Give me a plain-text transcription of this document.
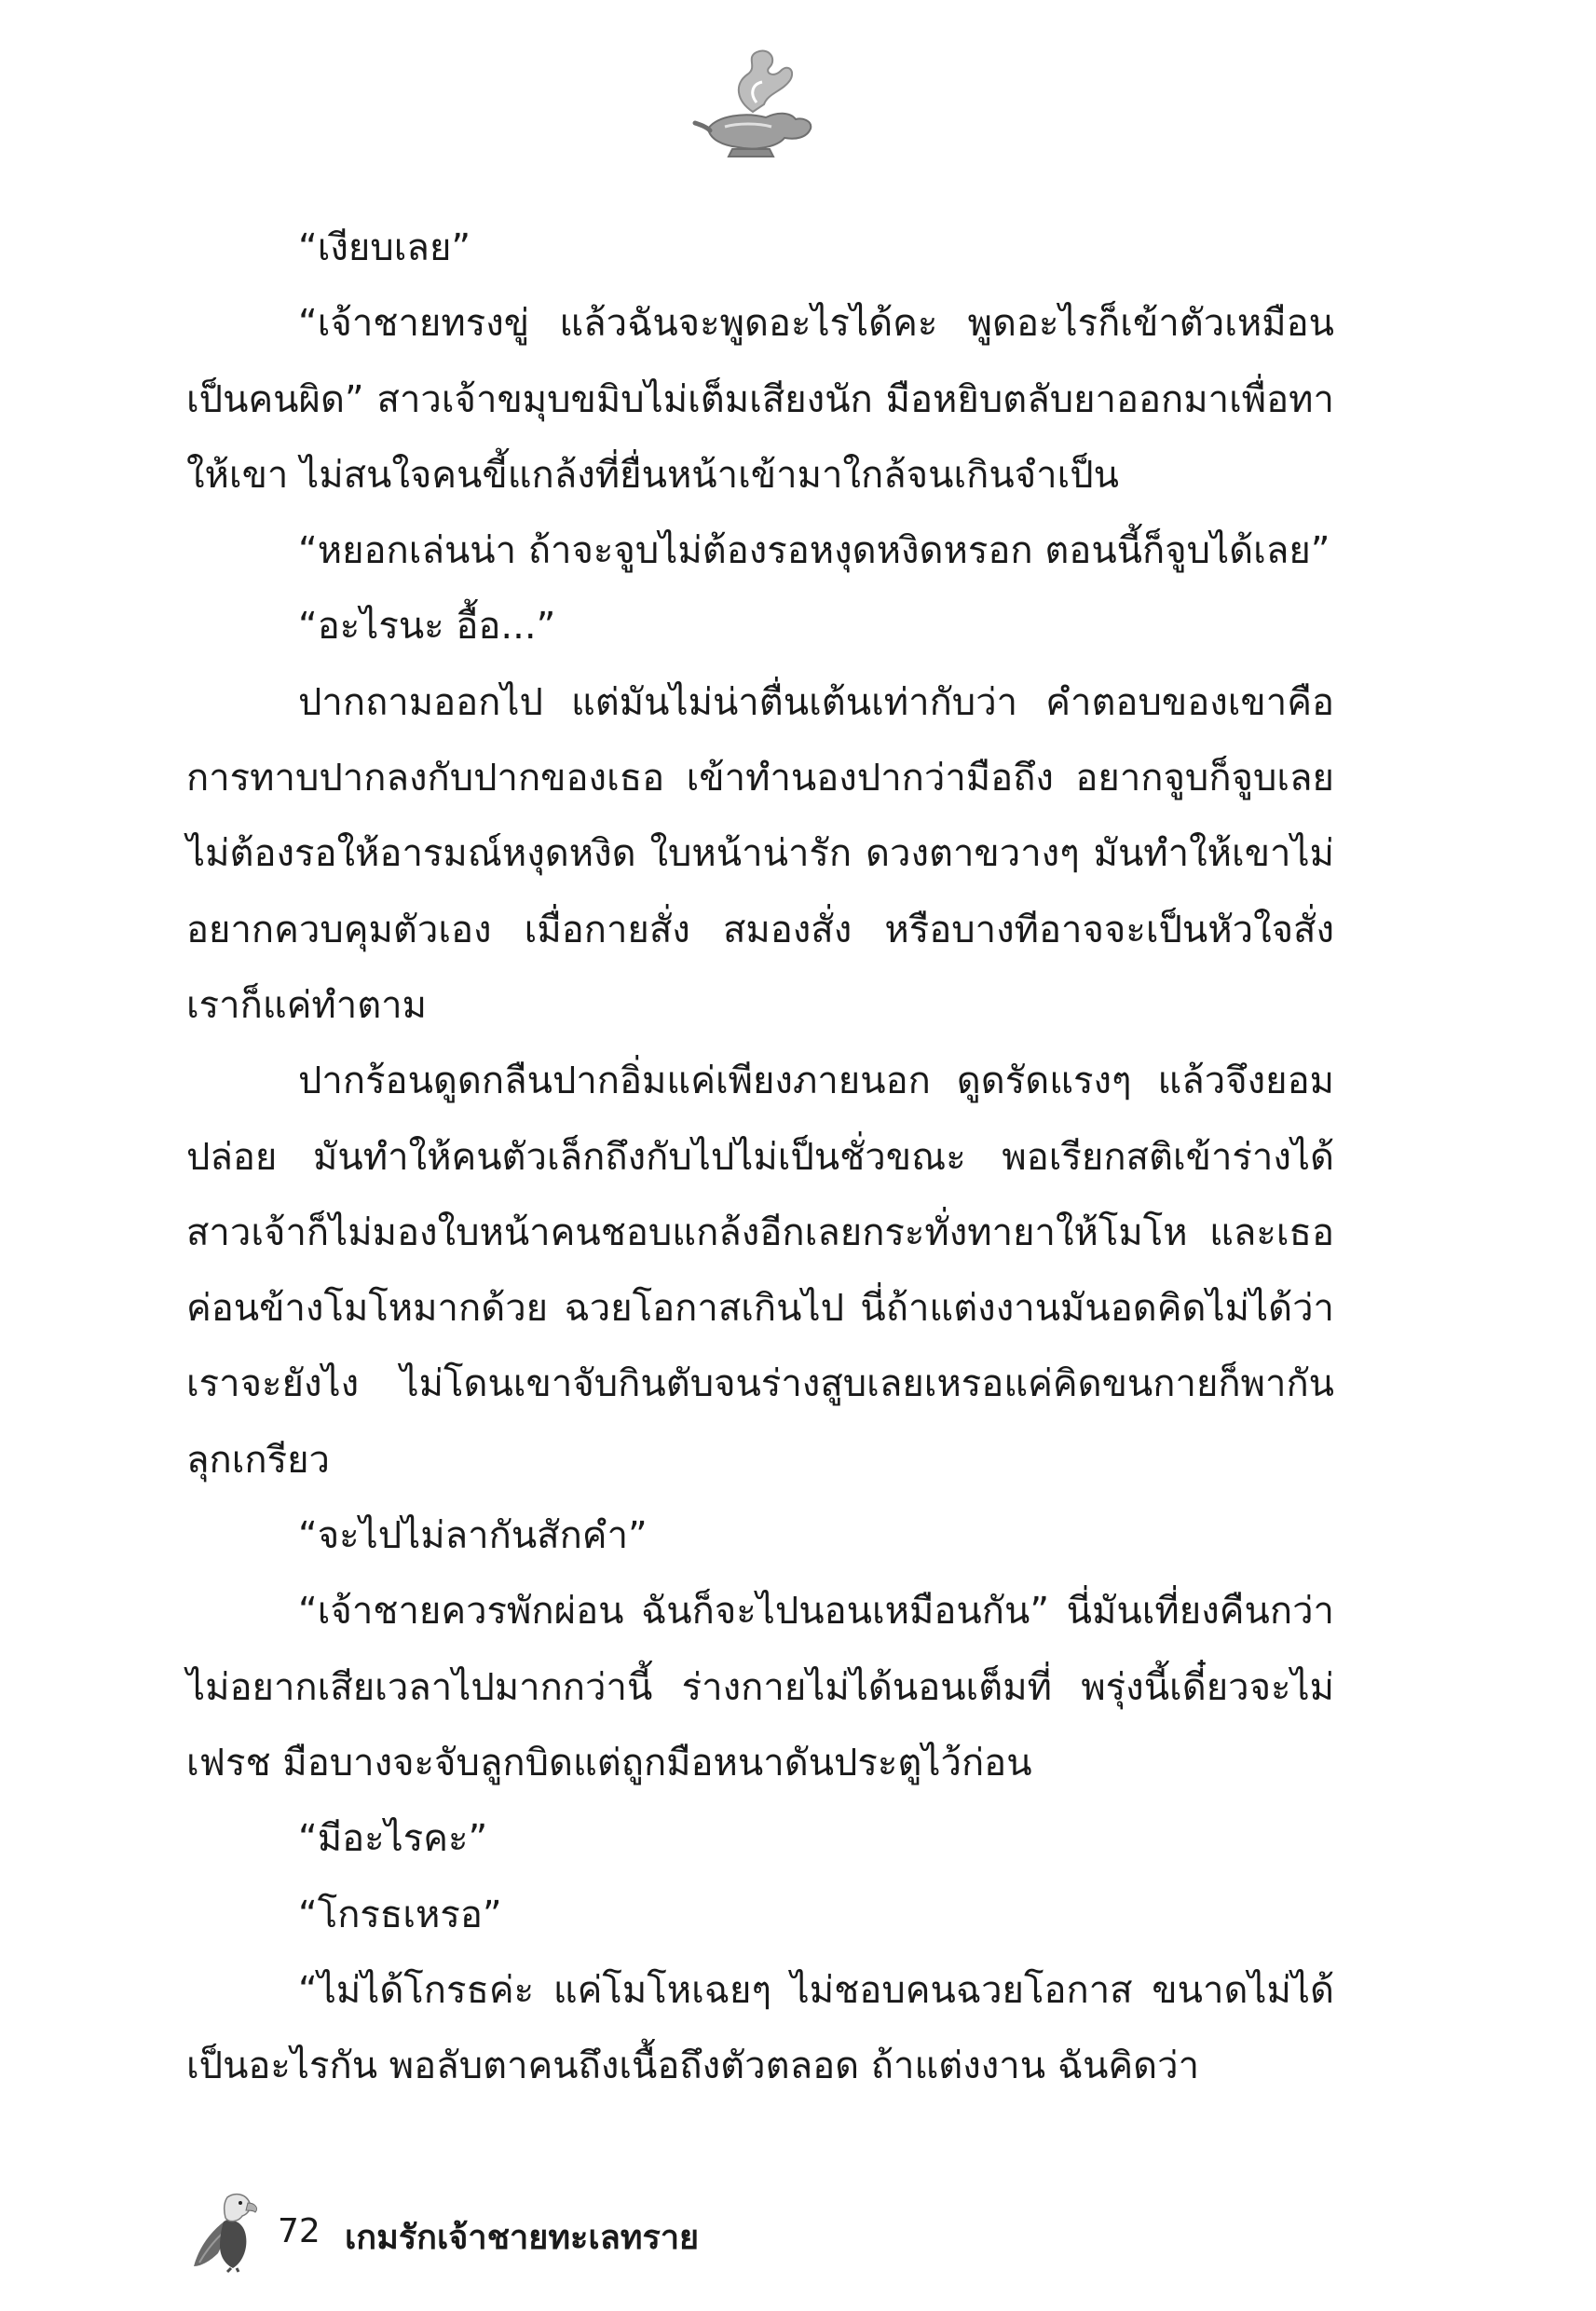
“เงียบเลย”

“เจ้าชายทรงขู่ แล้วฉันจะพูดอะไรได้คะ พูดอะไรก็เข้าตัวเหมือนเป็นคนผิด” สาวเจ้าขมุบขมิบไม่เต็มเสียงนัก มือหยิบตลับยาออกมาเพื่อทาให้เขา ไม่สนใจคนขี้แกล้งที่ยื่นหน้าเข้ามาใกล้จนเกินจำเป็น

“หยอกเล่นน่า ถ้าจะจูบไม่ต้องรอหงุดหงิดหรอก ตอนนี้ก็จูบได้เลย”

“อะไรนะ อื้อ...”

ปากถามออกไป แต่มันไม่น่าตื่นเต้นเท่ากับว่า คำตอบของเขาคือการทาบปากลงกับปากของเธอ เข้าทำนองปากว่ามือถึง อยากจูบก็จูบเลยไม่ต้องรอให้อารมณ์หงุดหงิด ใบหน้าน่ารัก ดวงตาขวางๆ มันทำให้เขาไม่อยากควบคุมตัวเอง เมื่อกายสั่ง สมองสั่ง หรือบางทีอาจจะเป็นหัวใจสั่ง เราก็แค่ทำตาม

ปากร้อนดูดกลืนปากอิ่มแค่เพียงภายนอก ดูดรัดแรงๆ แล้วจึงยอมปล่อย มันทำให้คนตัวเล็กถึงกับไปไม่เป็นชั่วขณะ พอเรียกสติเข้าร่างได้สาวเจ้าก็ไม่มองใบหน้าคนชอบแกล้งอีกเลยกระทั่งทายาให้โมโห และเธอค่อนข้างโมโหมากด้วย ฉวยโอกาสเกินไป นี่ถ้าแต่งงานมันอดคิดไม่ได้ว่าเราจะยังไง ไม่โดนเขาจับกินตับจนร่างสูบเลยเหรอแค่คิดขนกายก็พากันลุกเกรียว

“จะไปไม่ลากันสักคำ”

“เจ้าชายควรพักผ่อน ฉันก็จะไปนอนเหมือนกัน” นี่มันเที่ยงคืนกว่า ไม่อยากเสียเวลาไปมากกว่านี้ ร่างกายไม่ได้นอนเต็มที่ พรุ่งนี้เดี๋ยวจะไม่เฟรช มือบางจะจับลูกบิดแต่ถูกมือหนาดันประตูไว้ก่อน

“มีอะไรคะ”

“โกรธเหรอ”

“ไม่ได้โกรธค่ะ แค่โมโหเฉยๆ ไม่ชอบคนฉวยโอกาส ขนาดไม่ได้เป็นอะไรกัน พอลับตาคนถึงเนื้อถึงตัวตลอด ถ้าแต่งงาน ฉันคิดว่า

72 เกมรักเจ้าชายทะเลทราย
